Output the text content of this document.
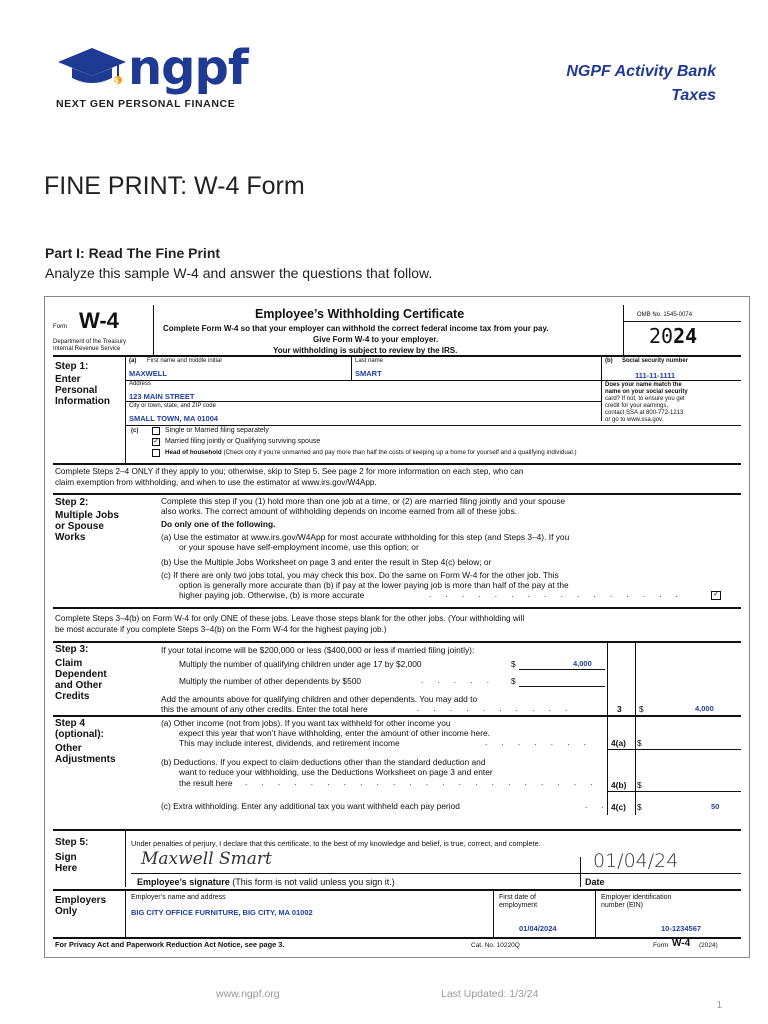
$ ngpf
NEXT GEN PERSONAL FINANCE
NGPF Activity Bank
Taxes
FINE PRINT: W-4 Form
Part I: Read The Fine Print
Analyze this sample W-4 and answer the questions that follow.
Form W-4
Department of the Treasury
Internal Revenue Service
Employee’s Withholding Certificate
Complete Form W-4 so that your employer can withhold the correct federal income tax from your pay.
Give Form W-4 to your employer.
Your withholding is subject to review by the IRS.
OMB No. 1545-0074
2024
Step 1:
Enter
Personal
Information
(a) First name and middle initial	Last name	(b) Social security number
MAXWELL	SMART	111-11-1111
Address
123 MAIN STREET
City or town, state, and ZIP code
SMALL TOWN, MA 01004
Does your name match the
name on your social security
card? If not, to ensure you get
credit for your earnings,
contact SSA at 800-772-1213
or go to www.ssa.gov.
(c)	Single or Married filing separately
✓ Married filing jointly or Qualifying surviving spouse
Head of household (Check only if you’re unmarried and pay more than half the costs of keeping up a home for yourself and a qualifying individual.)
Complete Steps 2–4 ONLY if they apply to you; otherwise, skip to Step 5. See page 2 for more information on each step, who can
claim exemption from withholding, and when to use the estimator at www.irs.gov/W4App.
Step 2:
Multiple Jobs
or Spouse
Works
Complete this step if you (1) hold more than one job at a time, or (2) are married filing jointly and your spouse
also works. The correct amount of withholding depends on income earned from all of these jobs.
Do only one of the following.
(a) Use the estimator at www.irs.gov/W4App for most accurate withholding for this step (and Steps 3–4). If you
or your spouse have self-employment income, use this option; or
(b) Use the Multiple Jobs Worksheet on page 3 and enter the result in Step 4(c) below; or
(c) If there are only two jobs total, you may check this box. Do the same on Form W-4 for the other job. This
option is generally more accurate than (b) if pay at the lower paying job is more than half of the pay at the
higher paying job. Otherwise, (b) is more accurate	. . . . . . . . . . . . . . . .	✓
Complete Steps 3–4(b) on Form W-4 for only ONE of these jobs. Leave those steps blank for the other jobs. (Your withholding will
be most accurate if you complete Steps 3–4(b) on the Form W-4 for the highest paying job.)
Step 3:
Claim
Dependent
and Other
Credits
If your total income will be $200,000 or less ($400,000 or less if married filing jointly):
Multiply the number of qualifying children under age 17 by $2,000	$	4,000
Multiply the number of other dependents by $500	. . . . . $
Add the amounts above for qualifying children and other dependents. You may add to
this the amount of any other credits. Enter the total here	. . . . . . . . . .	3 $	4,000
Step 4
(optional):
Other
Adjustments
(a) Other income (not from jobs). If you want tax withheld for other income you
expect this year that won’t have withholding, enter the amount of other income here.
This may include interest, dividends, and retirement income	. . . . . . . 4(a) $
(b) Deductions. If you expect to claim deductions other than the standard deduction and
want to reduce your withholding, use the Deductions Worksheet on page 3 and enter
the result here . . . . . . . . . . . . . . . . . . . . . . 4(b) $
(c) Extra withholding. Enter any additional tax you want withheld each pay period	. . 4(c) $	50
Step 5:
Sign
Here
Under penalties of perjury, I declare that this certificate, to the best of my knowledge and belief, is true, correct, and complete.
Maxwell Smart	01/04/24
Employee’s signature (This form is not valid unless you sign it.)	Date
Employers
Only
Employer’s name and address
BIG CITY OFFICE FURNITURE, BIG CITY, MA 01002
First date of
employment
01/04/2024
Employer identification
number (EIN)
10-1234567
For Privacy Act and Paperwork Reduction Act Notice, see page 3.	Cat. No. 10220Q	Form W-4 (2024)
www.ngpf.org	Last Updated: 1/3/24
1
